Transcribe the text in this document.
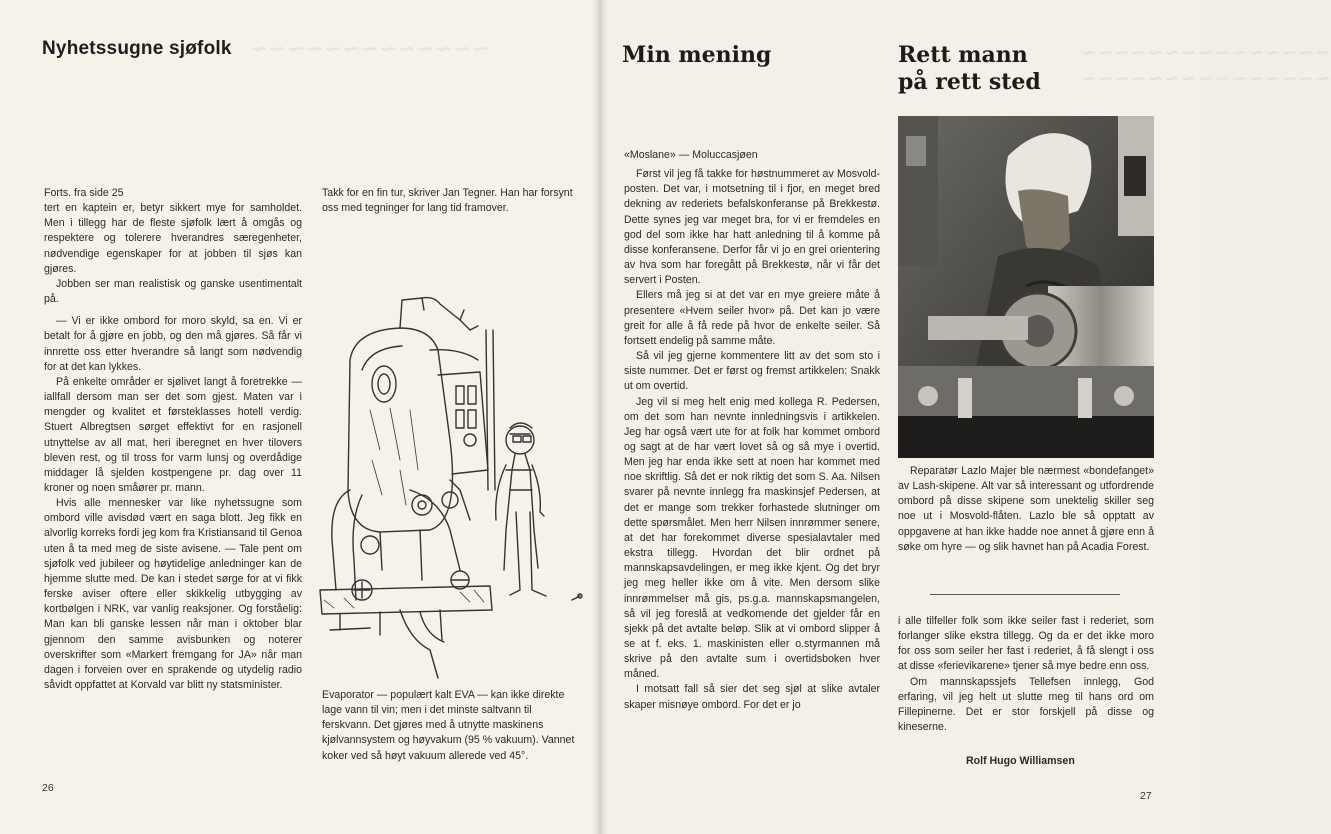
~~~~~~~~~~~~~
Nyhetssugne sjøfolk

Forts. fra side 25

tert en kaptein er, betyr sikkert mye for samholdet. Men i tillegg har de fleste sjøfolk lært å omgås og respektere og tolerere hverandres særegenheter, nødvendige egenskaper for at jobben til sjøs kan gjøres.

Jobben ser man realistisk og ganske usentimentalt på.

— Vi er ikke ombord for moro skyld, sa en. Vi er betalt for å gjøre en jobb, og den må gjøres. Så får vi innrette oss etter hverandre så langt som nødvendig for at det kan lykkes.

På enkelte områder er sjølivet langt å foretrekke — iallfall dersom man ser det som gjest. Maten var i mengder og kvalitet et førsteklasses hotell verdig. Stuert Albregtsen sørget effektivt for en rasjonell utnyttelse av all mat, heri iberegnet en hver tilovers bleven rest, og til tross for varm lunsj og overdådige middager lå sjelden kostpengene pr. dag over 11 kroner og noen småører pr. mann.

Hvis alle mennesker var like nyhetssugne som ombord ville avisdød vært en saga blott. Jeg fikk en alvorlig korreks fordi jeg kom fra Kristiansand til Genoa uten å ta med meg de siste avisene. — Tale pent om sjøfolk ved jubileer og høytidelige anledninger kan de hjemme slutte med. De kan i stedet sørge for at vi fikk ferske aviser oftere eller skikkelig utbygging av kortbølgen i NRK, var vanlig reaksjoner. Og forståelig: Man kan bli ganske lessen når man i oktober blar gjennom den samme avisbunken og noterer overskrifter som «Markert fremgang for JA» når man dagen i forveien over en sprakende og utydelig radio såvidt oppfattet at Korvald var blitt ny statsminister.

Takk for en fin tur, skriver Jan Tegner. Han har forsynt oss med tegninger for lang tid framover.

Evaporator — populært kalt EVA — kan ikke direkte lage vann til vin; men i det minste saltvann til ferskvann. Det gjøres med å utnytte maskinens kjølvannsystem og høyvakum (95 % vakuum). Vannet koker ved så høyt vakuum allerede ved 45°.

26
~~~~~~~~~~~~~~~
~~~~~~~~~~~~~~~
Min mening	Rett mann
på rett sted

«Moslane» — Moluccasjøen

Først vil jeg få takke for høstnummeret av Mosvold-posten. Det var, i motsetning til i fjor, en meget bred dekning av rederiets befalskonferanse på Brekkestø. Dette synes jeg var meget bra, for vi er fremdeles en god del som ikke har hatt anledning til å komme på disse konferansene. Derfor får vi jo en grei orientering av hva som har foregått på Brekkestø, når vi får det servert i Posten.

Ellers må jeg si at det var en mye greiere måte å presentere «Hvem seiler hvor» på. Det kan jo være greit for alle å få rede på hvor de enkelte seiler. Så fortsett endelig på samme måte.

Så vil jeg gjerne kommentere litt av det som sto i siste nummer. Det er først og fremst artikkelen: Snakk ut om overtid.

Jeg vil si meg helt enig med kollega R. Pedersen, om det som han nevnte innledningsvis i artikkelen. Jeg har også vært ute for at folk har kommet ombord og sagt at de har vært lovet så og så mye i overtid. Men jeg har enda ikke sett at noen har kommet med noe skriftlig. Så det er nok riktig det som S. Aa. Nilsen svarer på nevnte innlegg fra maskinsjef Pedersen, at det er mange som trekker forhastede slutninger om dette spørsmålet. Men herr Nilsen innrømmer senere, at det har forekommet diverse spesialavtaler med ekstra tillegg. Hvordan det blir ordnet på mannskapsavdelingen, er meg ikke kjent. Og det bryr jeg meg heller ikke om å vite. Men dersom slike innrømmelser må gis, ps.g.a. mannskapsmangelen, så vil jeg foreslå at vedkomende det gjelder får en sjekk på det avtalte beløp. Slik at vi ombord slipper å se at f. eks. 1. maskinisten eller o.styrmannen må skrive på den avtalte sum i overtidsboken hver måned.

I motsatt fall så sier det seg sjøl at slike avtaler skaper misnøye ombord. For det er jo

Reparatør Lazlo Majer ble nærmest «bondefanget» av Lash-skipene. Alt var så interessant og utfordrende ombord på disse skipene som unektelig skiller seg noe ut i Mosvold-flåten. Lazlo ble så opptatt av oppgavene at han ikke hadde noe annet å gjøre enn å søke om hyre — og slik havnet han på Acadia Forest.

i alle tilfeller folk som ikke seiler fast i rederiet, som forlanger slike ekstra tillegg. Og da er det ikke moro for oss som seiler her fast i rederiet, å få slengt i oss at disse «ferievikarene» tjener så mye bedre enn oss.

Om mannskapssjefs Tellefsen innlegg, God erfaring, vil jeg helt ut slutte meg til hans ord om Fillepinerne. Det er stor forskjell på disse og kineserne.

Rolf Hugo Williamsen
27
